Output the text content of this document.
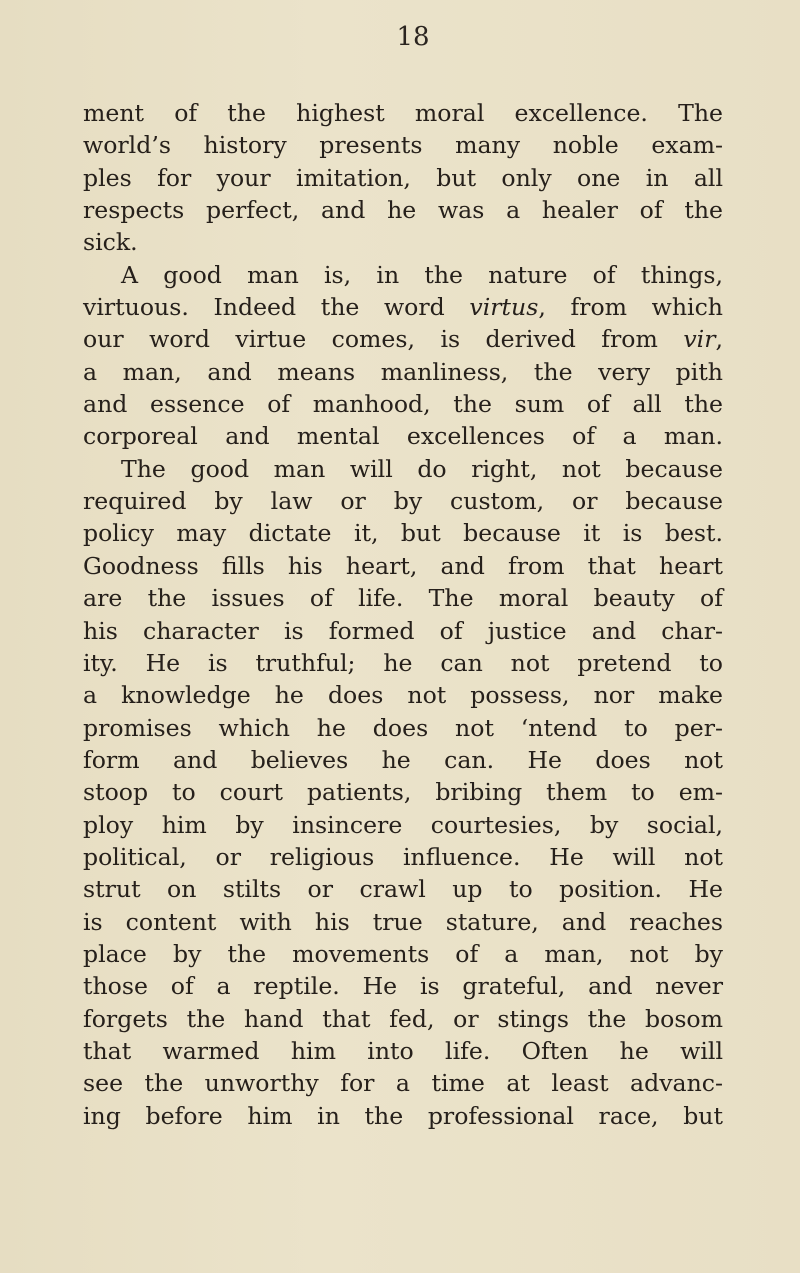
18
ment of the highest moral excellence. The
world’s history presents many noble exam-
ples for your imitation, but only one in all
respects perfect, and he was a healer of the
sick.
A good man is, in the nature of things,
virtuous. Indeed the word virtus, from which
our word virtue comes, is derived from vir,
a man, and means manliness, the very pith
and essence of manhood, the sum of all the
corporeal and mental excellences of a man.
The good man will do right, not because
required by law or by custom, or because
policy may dictate it, but because it is best.
Goodness fills his heart, and from that heart
are the issues of life. The moral beauty of
his character is formed of justice and char-
ity. He is truthful; he can not pretend to
a knowledge he does not possess, nor make
promises which he does not ‘ntend to per-
form and believes he can. He does not
stoop to court patients, bribing them to em-
ploy him by insincere courtesies, by social,
political, or religious influence. He will not
strut on stilts or crawl up to position. He
is content with his true stature, and reaches
place by the movements of a man, not by
those of a reptile. He is grateful, and never
forgets the hand that fed, or stings the bosom
that warmed him into life. Often he will
see the unworthy for a time at least advanc-
ing before him in the professional race, but
